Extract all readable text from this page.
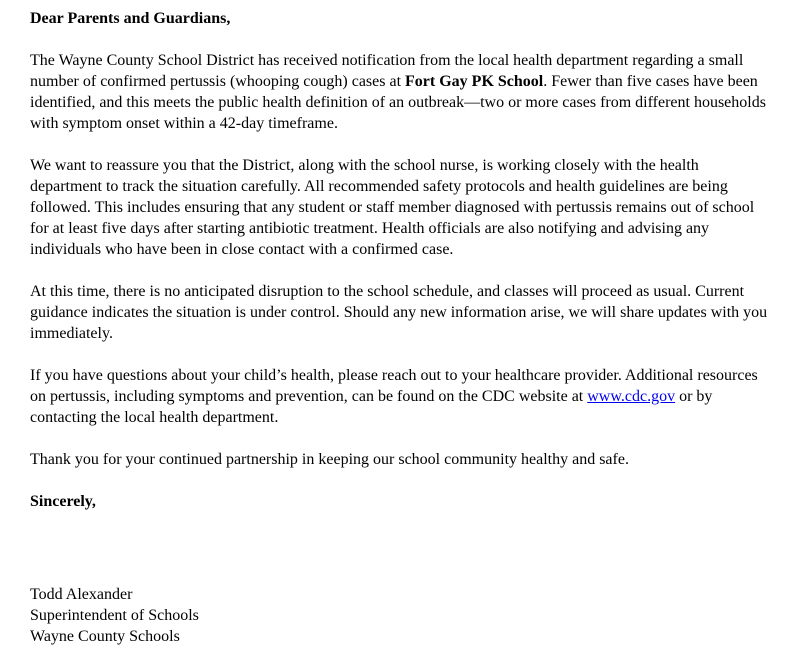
Dear Parents and Guardians,

The Wayne County School District has received notification from the local health department regarding a small number of confirmed pertussis (whooping cough) cases at Fort Gay PK School. Fewer than five cases have been identified, and this meets the public health definition of an outbreak—two or more cases from different households with symptom onset within a 42-day timeframe.

We want to reassure you that the District, along with the school nurse, is working closely with the health department to track the situation carefully. All recommended safety protocols and health guidelines are being followed. This includes ensuring that any student or staff member diagnosed with pertussis remains out of school for at least five days after starting antibiotic treatment. Health officials are also notifying and advising any individuals who have been in close contact with a confirmed case.

At this time, there is no anticipated disruption to the school schedule, and classes will proceed as usual. Current guidance indicates the situation is under control. Should any new information arise, we will share updates with you immediately.

If you have questions about your child’s health, please reach out to your healthcare provider. Additional resources on pertussis, including symptoms and prevention, can be found on the CDC website at www.cdc.gov or by contacting the local health department.

Thank you for your continued partnership in keeping our school community healthy and safe.

Sincerely,
Todd Alexander
Superintendent of Schools
Wayne County Schools
